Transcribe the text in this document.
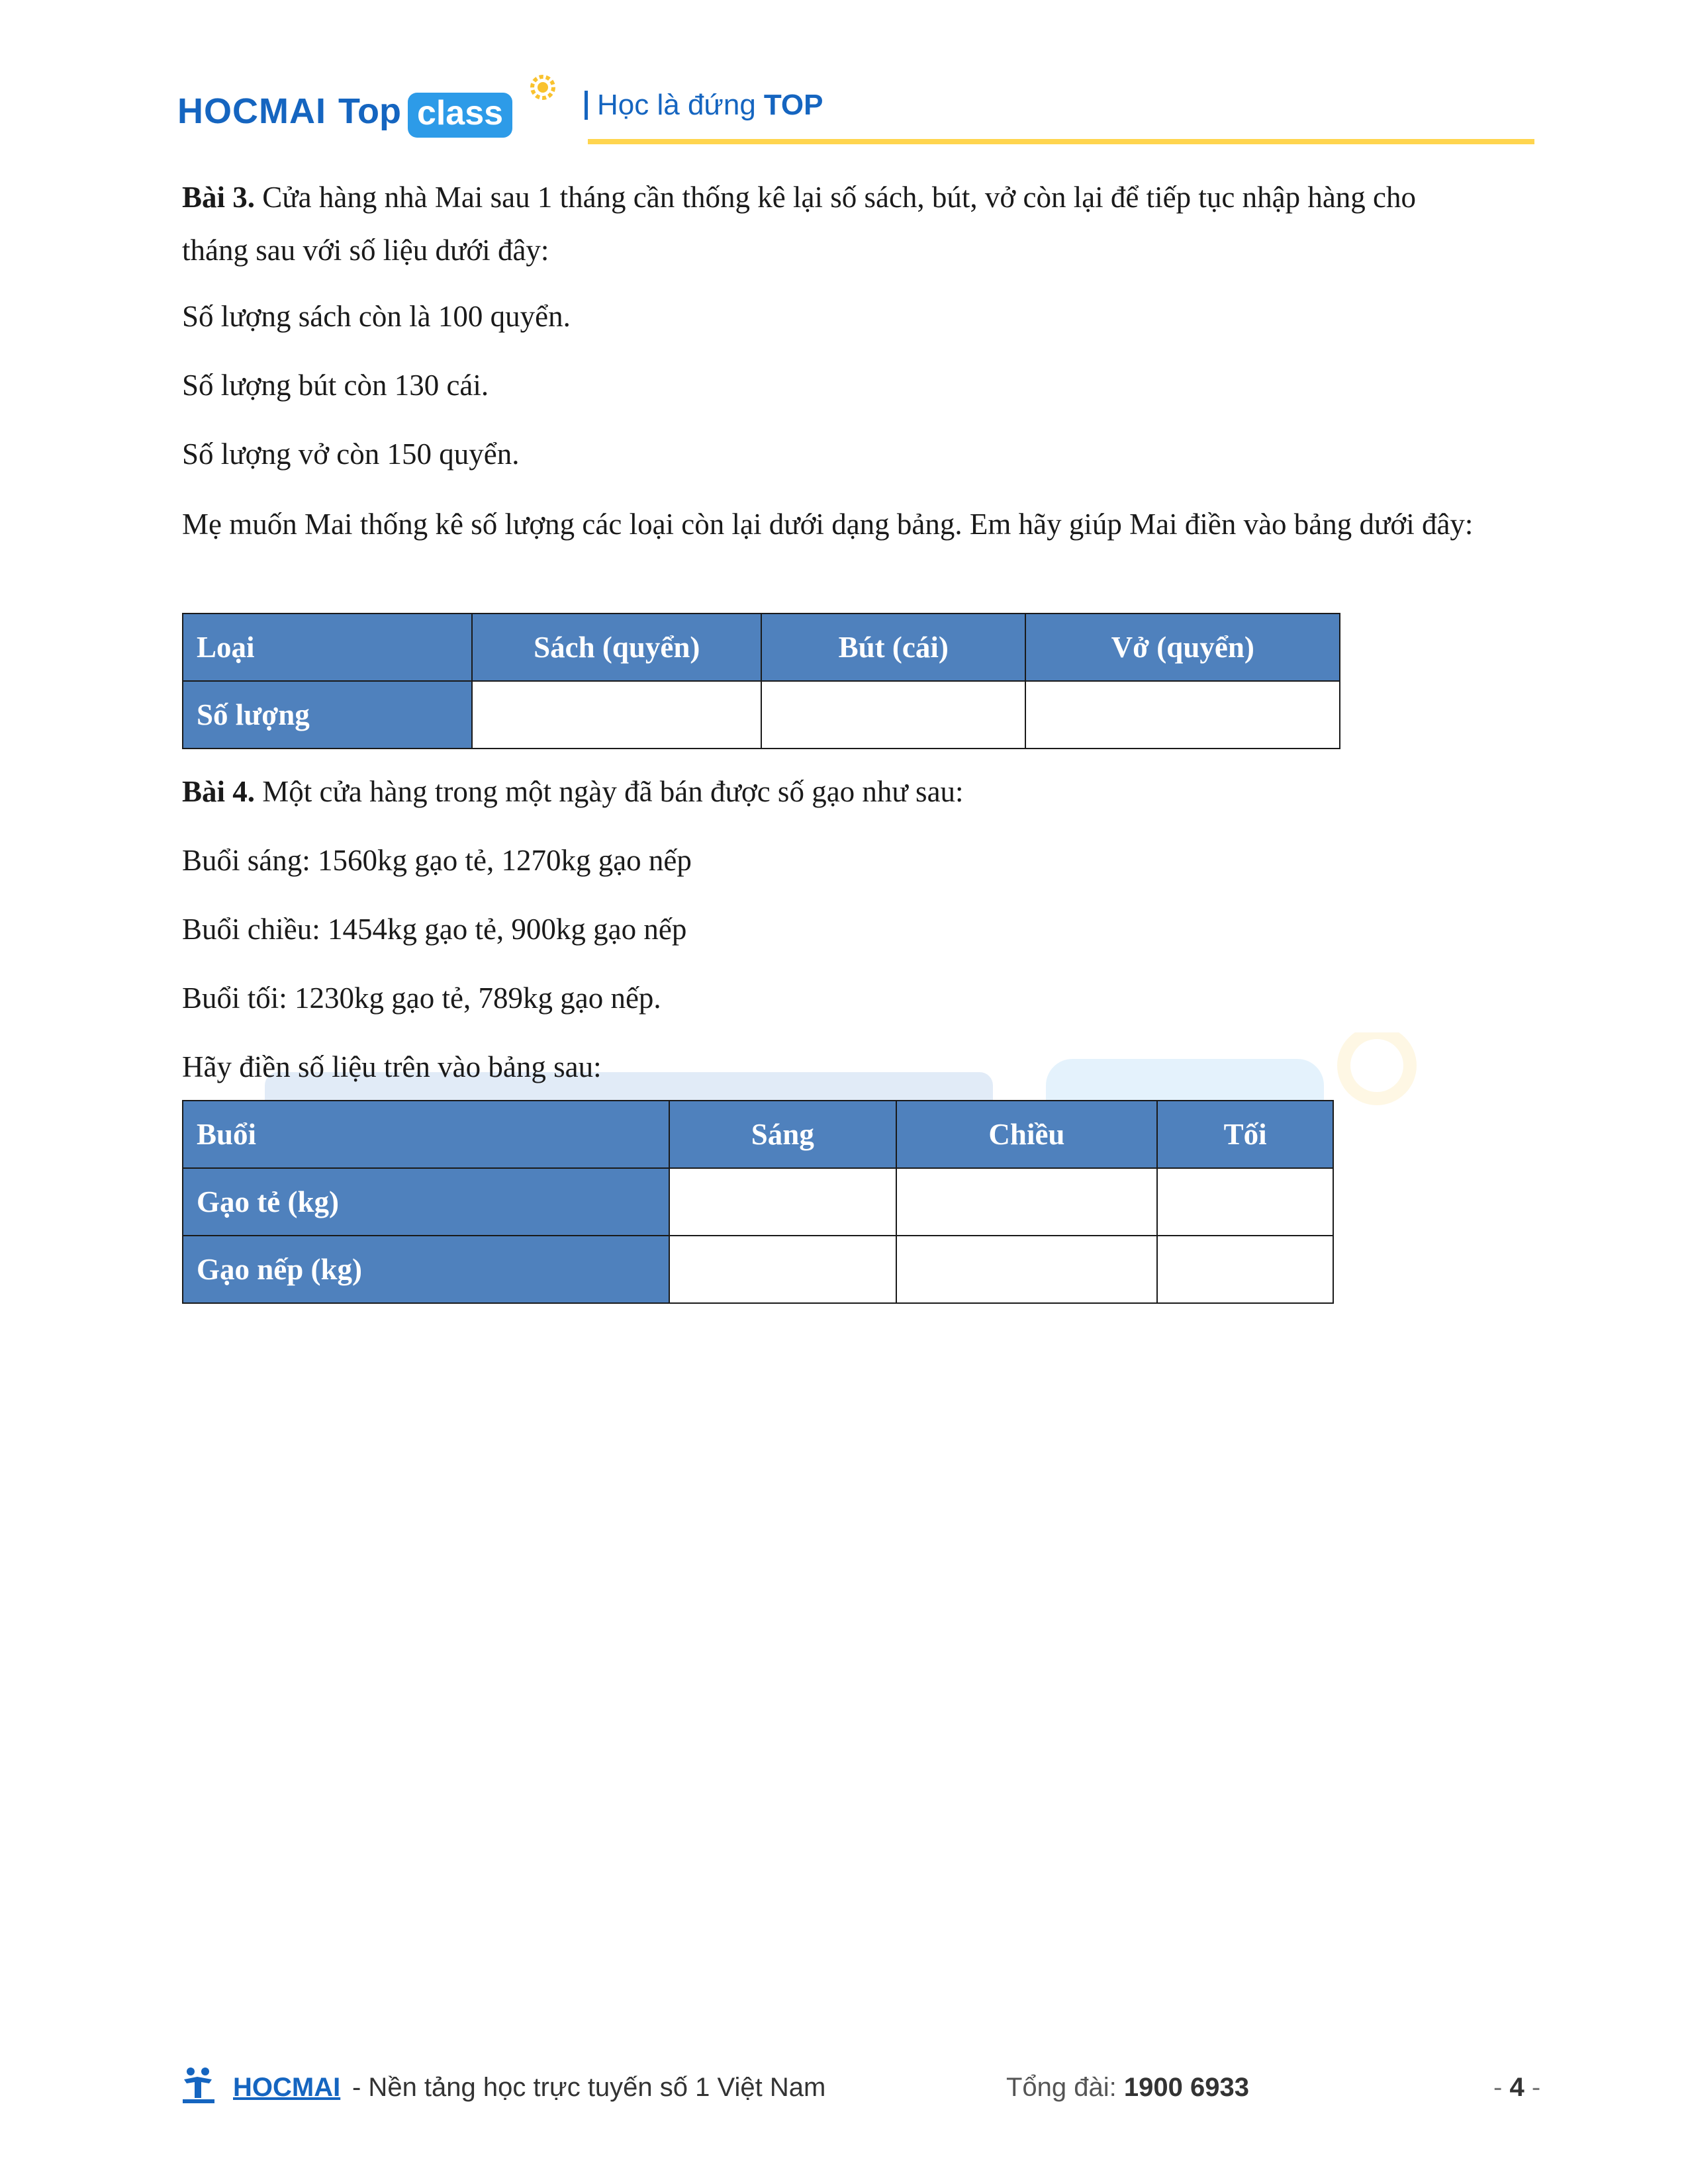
HOCMAI Top class	Học là đứng TOP
Bài 3. Cửa hàng nhà Mai sau 1 tháng cần thống kê lại số sách, bút, vở còn lại để tiếp tục nhập hàng cho tháng sau với số liệu dưới đây:
Số lượng sách còn là 100 quyển.
Số lượng bút còn 130 cái.
Số lượng vở còn 150 quyển.
Mẹ muốn Mai thống kê số lượng các loại còn lại dưới dạng bảng. Em hãy giúp Mai điền vào bảng dưới đây:
Loại	Sách (quyển)	Bút (cái)	Vở (quyển)
Số lượng			
Bài 4. Một cửa hàng trong một ngày đã bán được số gạo như sau:
Buổi sáng: 1560kg gạo tẻ, 1270kg gạo nếp
Buổi chiều: 1454kg gạo tẻ, 900kg gạo nếp
Buổi tối: 1230kg gạo tẻ, 789kg gạo nếp.
Hãy điền số liệu trên vào bảng sau:
Buổi	Sáng	Chiều	Tối
Gạo tẻ (kg)			
Gạo nếp (kg)			
HOCMAI - Nền tảng học trực tuyến số 1 Việt Nam	Tổng đài: 1900 6933	- 4 -
